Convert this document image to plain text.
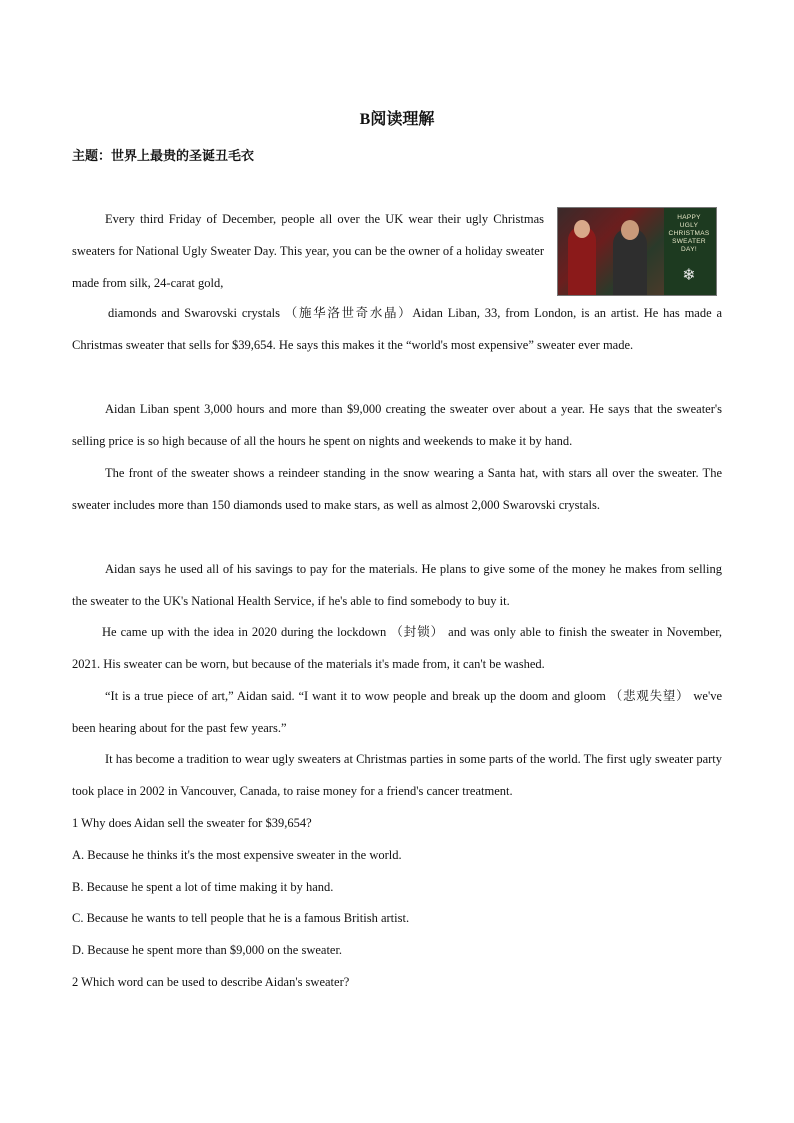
B阅读理解
主题：世界上最贵的圣诞丑毛衣
HAPPY
UGLY
CHRISTMAS
SWEATER
DAY!
❄

Every third Friday of December, people all over the UK wear their ugly Christmas sweaters for National Ugly Sweater Day. This year, you can be the owner of a holiday sweater made from silk, 24-carat gold,

diamonds and Swarovski crystals （施华洛世奇水晶）Aidan Liban, 33, from London, is an artist. He has made a Christmas sweater that sells for $39,654. He says this makes it the “world's most expensive” sweater ever made.

Aidan Liban spent 3,000 hours and more than $9,000 creating the sweater over about a year. He says that the sweater's selling price is so high because of all the hours he spent on nights and weekends to make it by hand.

The front of the sweater shows a reindeer standing in the snow wearing a Santa hat, with stars all over the sweater. The sweater includes more than 150 diamonds used to make stars, as well as almost 2,000 Swarovski crystals.

Aidan says he used all of his savings to pay for the materials. He plans to give some of the money he makes from selling the sweater to the UK's National Health Service, if he's able to find somebody to buy it.

He came up with the idea in 2020 during the lockdown （封锁） and was only able to finish the sweater in November, 2021. His sweater can be worn, but because of the materials it's made from, it can't be washed.

“It is a true piece of art,” Aidan said. “I want it to wow people and break up the doom and gloom （悲观失望） we've been hearing about for the past few years.”

It has become a tradition to wear ugly sweaters at Christmas parties in some parts of the world. The first ugly sweater party took place in 2002 in Vancouver, Canada, to raise money for a friend's cancer treatment.

1 Why does Aidan sell the sweater for $39,654?

A. Because he thinks it's the most expensive sweater in the world.

B. Because he spent a lot of time making it by hand.

C. Because he wants to tell people that he is a famous British artist.

D. Because he spent more than $9,000 on the sweater.

2 Which word can be used to describe Aidan's sweater?
